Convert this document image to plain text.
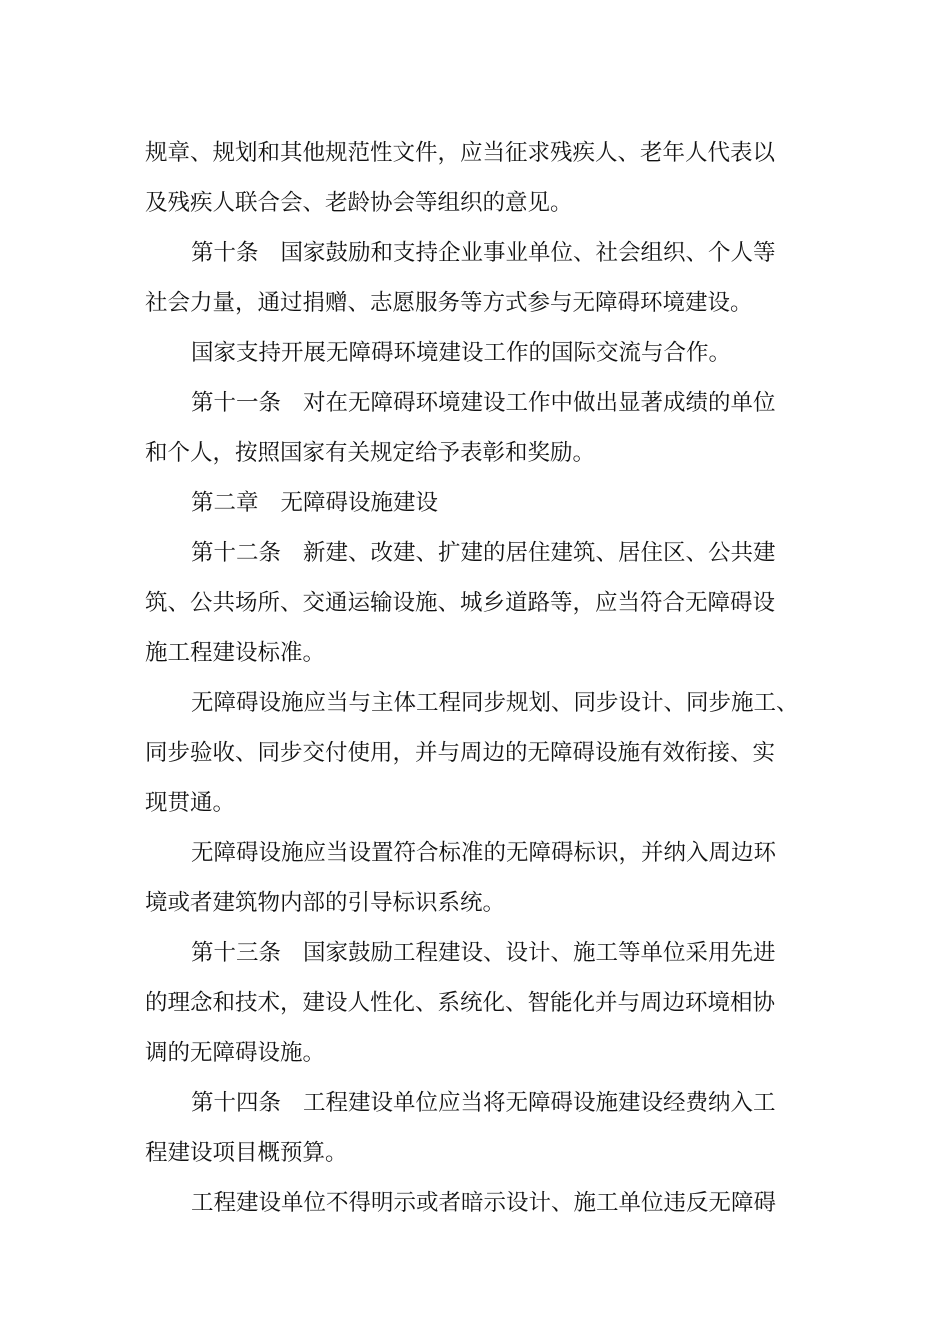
规章、规划和其他规范性文件，应当征求残疾人、老年人代表以
及残疾人联合会、老龄协会等组织的意见。
第十条 国家鼓励和支持企业事业单位、社会组织、个人等
社会力量，通过捐赠、志愿服务等方式参与无障碍环境建设。
国家支持开展无障碍环境建设工作的国际交流与合作。
第十一条 对在无障碍环境建设工作中做出显著成绩的单位
和个人，按照国家有关规定给予表彰和奖励。
第二章 无障碍设施建设
第十二条 新建、改建、扩建的居住建筑、居住区、公共建
筑、公共场所、交通运输设施、城乡道路等，应当符合无障碍设
施工程建设标准。
无障碍设施应当与主体工程同步规划、同步设计、同步施工、
同步验收、同步交付使用，并与周边的无障碍设施有效衔接、实
现贯通。
无障碍设施应当设置符合标准的无障碍标识，并纳入周边环
境或者建筑物内部的引导标识系统。
第十三条 国家鼓励工程建设、设计、施工等单位采用先进
的理念和技术，建设人性化、系统化、智能化并与周边环境相协
调的无障碍设施。
第十四条 工程建设单位应当将无障碍设施建设经费纳入工
程建设项目概预算。
工程建设单位不得明示或者暗示设计、施工单位违反无障碍
